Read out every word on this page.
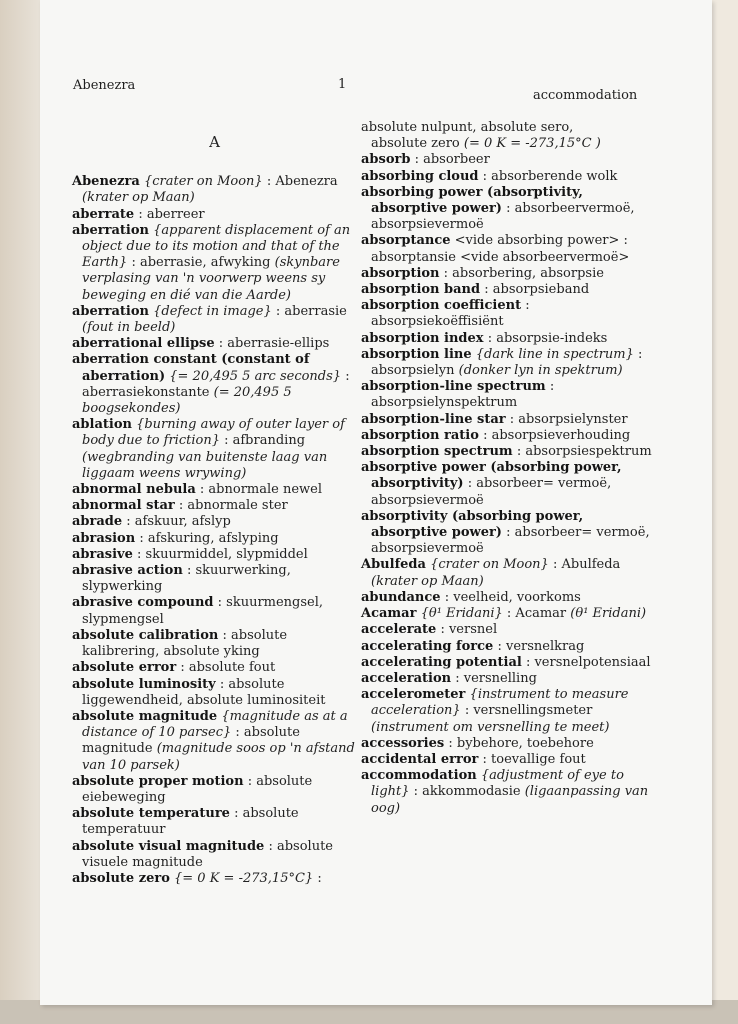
Abenezra	1
accommodation
A
Abenezra {crater on Moon} : Abenezra (krater op Maan)
aberrate : aberreer
aberration {apparent displacement of an object due to its motion and that of the Earth} : aberrasie, afwyking (skynbare verplasing van 'n voorwerp weens sy beweging en dié van die Aarde)
aberration {defect in image} : aberrasie (fout in beeld)
aberrational ellipse : aberrasie-ellips
aberration constant (constant of aberration) {= 20,495 5 arc seconds} : aberrasiekonstante (= 20,495 5 boogsekondes)
ablation {burning away of outer layer of body due to friction} : afbranding (wegbranding van buitenste laag van liggaam weens wrywing)
abnormal nebula : abnormale newel
abnormal star : abnormale ster
abrade : afskuur, afslyp
abrasion : afskuring, afslyping
abrasive : skuurmiddel, slypmiddel
abrasive action : skuurwerking, slypwerking
abrasive compound : skuurmengsel, slypmengsel
absolute calibration : absolute kalibrering, absolute yking
absolute error : absolute fout
absolute luminosity : absolute liggewendheid, absolute luminositeit
absolute magnitude {magnitude as at a distance of 10 parsec} : absolute magnitude (magnitude soos op 'n afstand van 10 parsek)
absolute proper motion : absolute eiebeweging
absolute temperature : absolute temperatuur
absolute visual magnitude : absolute visuele magnitude
absolute zero {= 0 K = -273,15°C} :
absolute nulpunt, absolute sero,
absolute zero (= 0 K = -273,15°C )
absorb : absorbeer
absorbing cloud : absorberende wolk
absorbing power (absorptivity, absorptive power) : absorbeervermoë, absorpsievermoë
absorptance <vide absorbing power> : absorptansie <vide absorbeervermoë>
absorption : absorbering, absorpsie
absorption band : absorpsieband
absorption coefficient : absorpsiekoëffisiënt
absorption index : absorpsie-indeks
absorption line {dark line in spectrum} : absorpsielyn (donker lyn in spektrum)
absorption-line spectrum : absorpsielynspektrum
absorption-line star : absorpsielynster
absorption ratio : absorpsieverhouding
absorption spectrum : absorpsiespektrum
absorptive power (absorbing power, absorptivity) : absorbeer= vermoë, absorpsievermoë
absorptivity (absorbing power, absorptive power) : absorbeer= vermoë, absorpsievermoë
Abulfeda {crater on Moon} : Abulfeda (krater op Maan)
abundance : veelheid, voorkoms
Acamar {θ¹ Eridani} : Acamar (θ¹ Eridani)
accelerate : versnel
accelerating force : versnelkrag
accelerating potential : versnelpotensiaal
acceleration : versnelling
accelerometer {instrument to measure acceleration} : versnellingsmeter (instrument om versnelling te meet)
accessories : bybehore, toebehore
accidental error : toevallige fout
accommodation {adjustment of eye to light} : akkommodasie (ligaanpassing van oog)
